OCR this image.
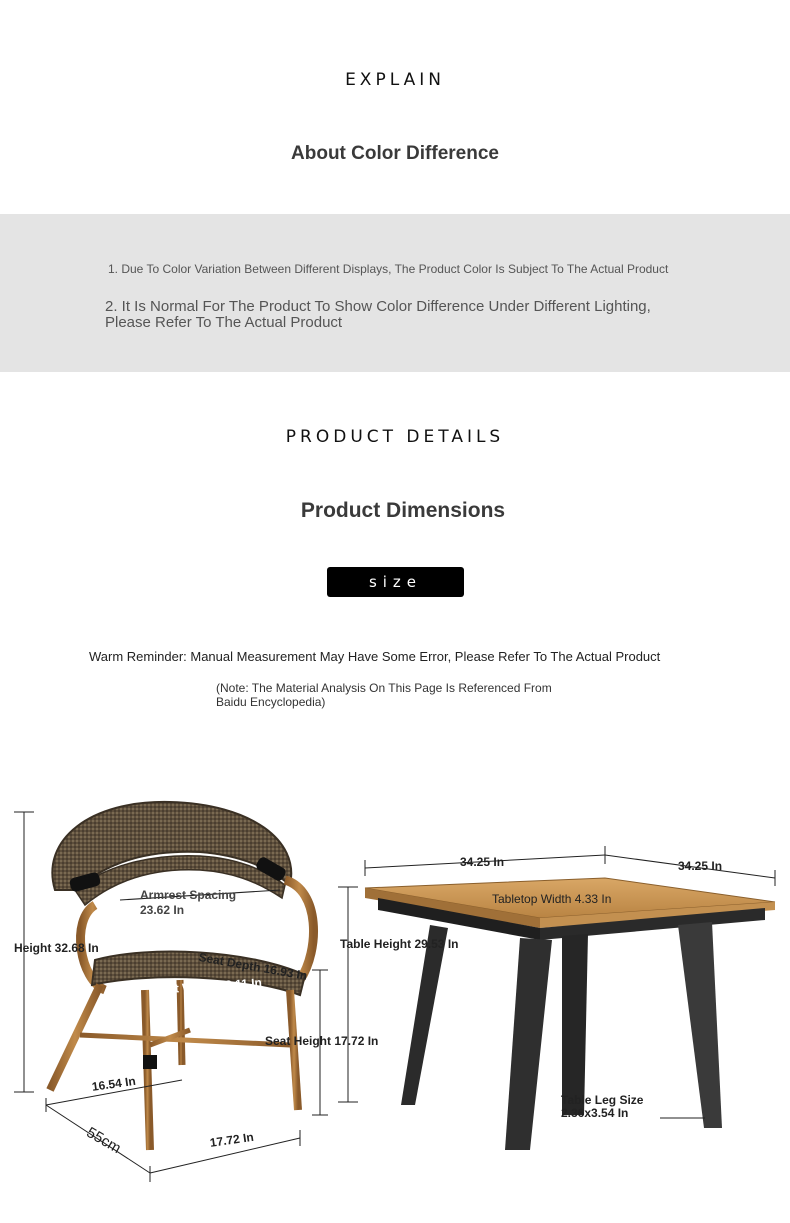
EXPLAIN
About Color Difference
1. Due To Color Variation Between Different Displays, The Product Color Is Subject To The Actual Product
2. It Is Normal For The Product To Show Color Difference Under Different Lighting, Please Refer To The Actual Product
PRODUCT DETAILS
Product Dimensions
size
Warm Reminder: Manual Measurement May Have Some Error, Please Refer To The Actual Product
(Note: The Material Analysis On This Page Is Referenced From Baidu Encyclopedia)
Height 32.68 In
Armrest Spacing
23.62 In
Seat Depth 16.93 In
Seat Width 18.11 In
Seat Height 17.72 In
16.54 In
55cm	17.72 In
34.25 In	34.25 In
Tabletop Width 4.33 In
Table Height 29.53 In
Table Leg Size
2.36x3.54 In
